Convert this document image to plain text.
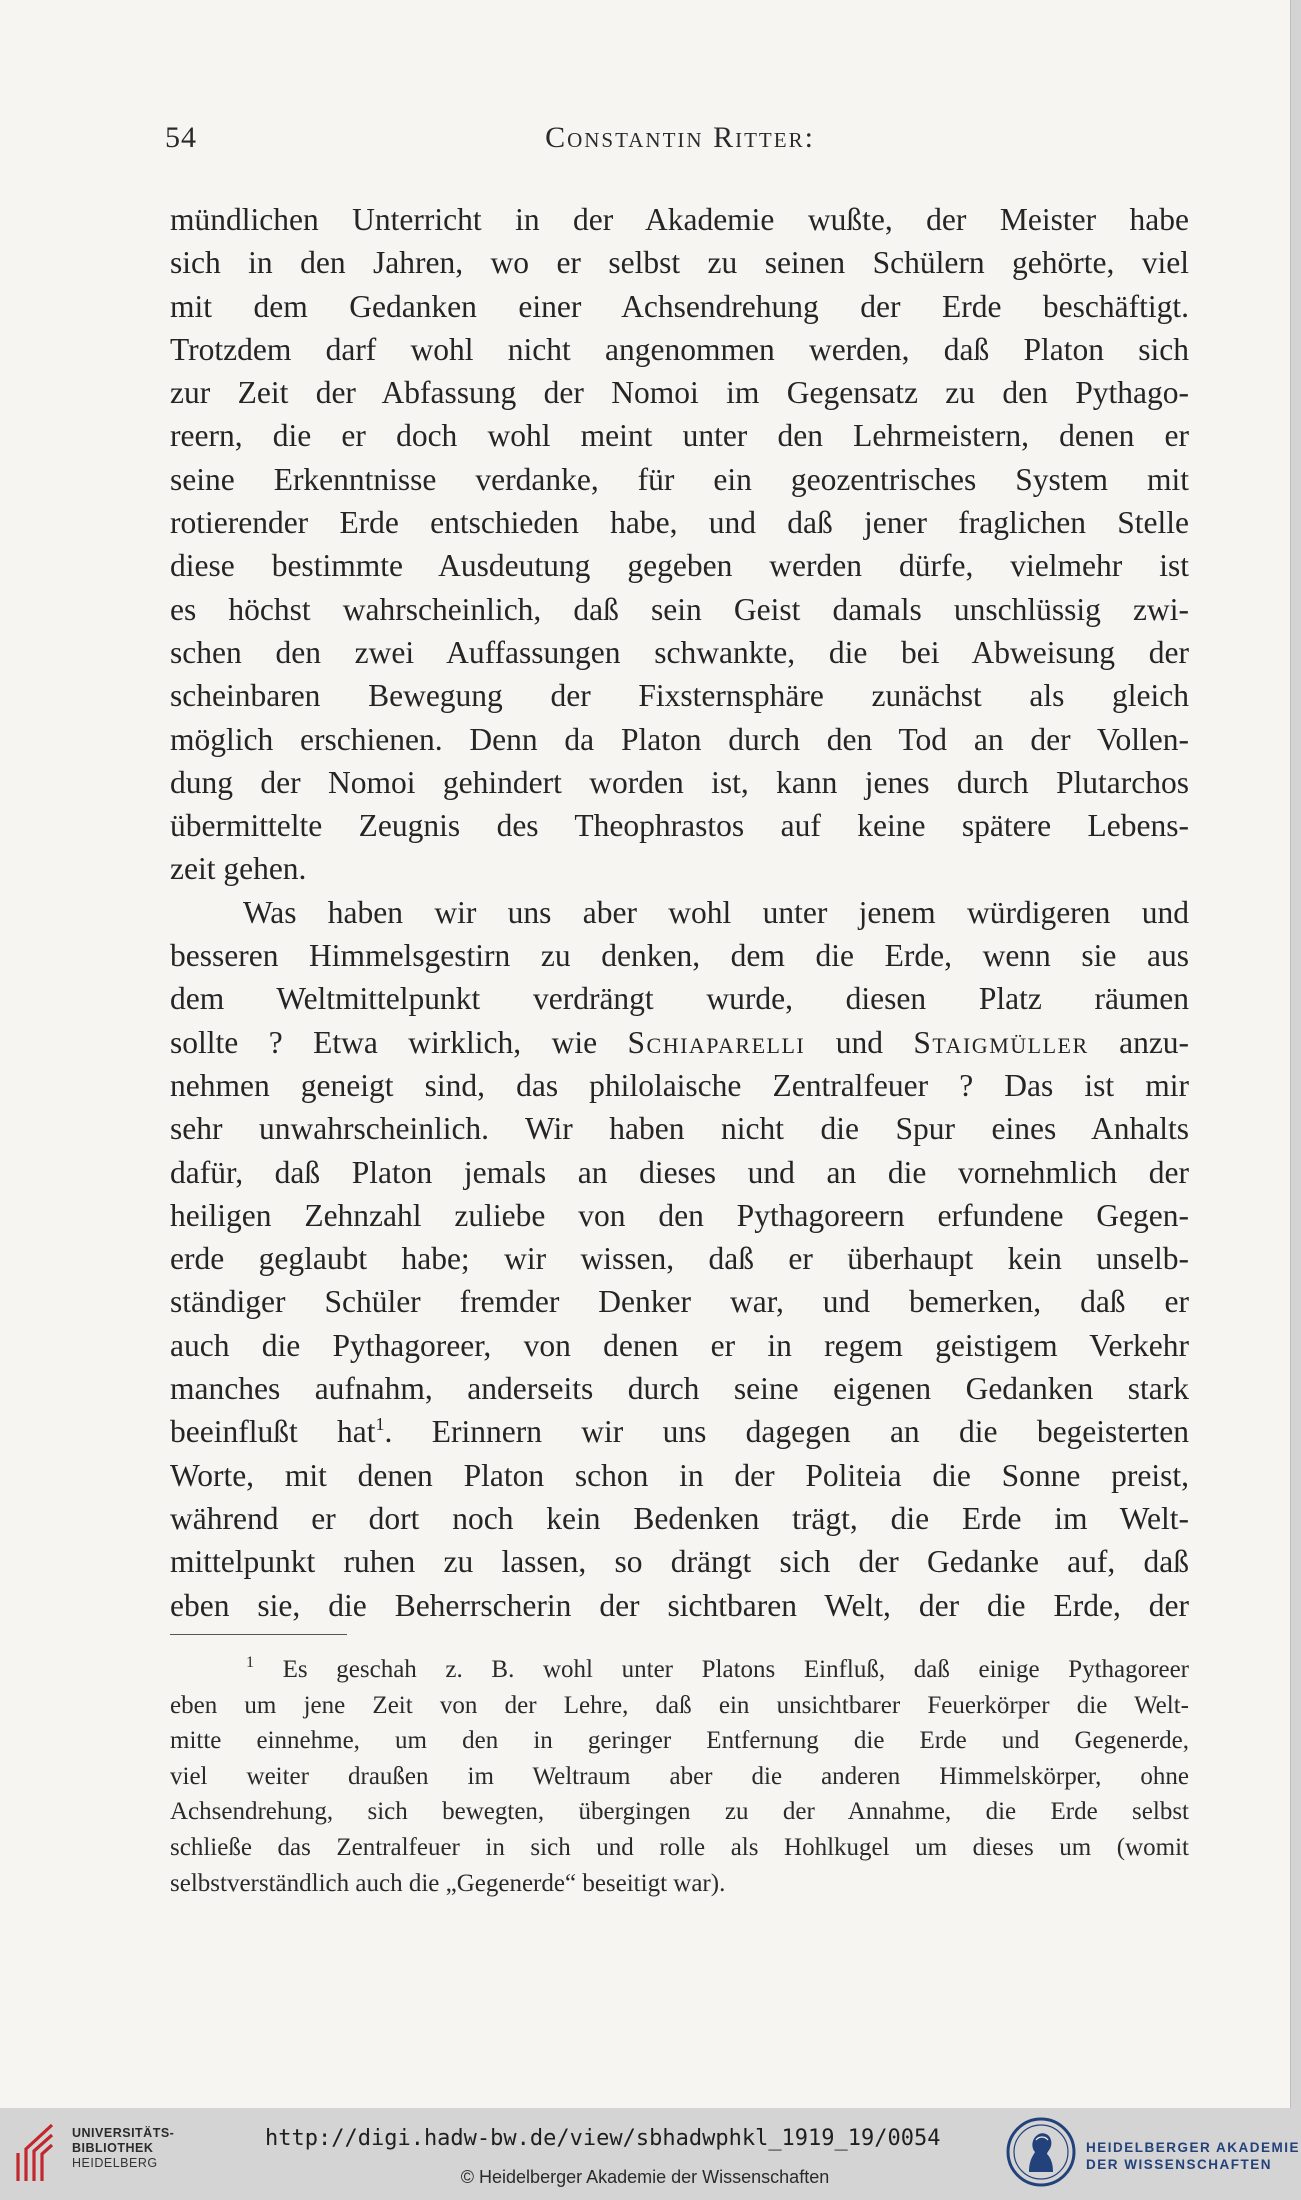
54	Constantin Ritter:
mündlichen Unterricht in der Akademie wußte, der Meister habe
sich in den Jahren, wo er selbst zu seinen Schülern gehörte, viel
mit dem Gedanken einer Achsendrehung der Erde beschäftigt.
Trotzdem darf wohl nicht angenommen werden, daß Platon sich
zur Zeit der Abfassung der Nomoi im Gegensatz zu den Pythago-
reern, die er doch wohl meint unter den Lehrmeistern, denen er
seine Erkenntnisse verdanke, für ein geozentrisches System mit
rotierender Erde entschieden habe, und daß jener fraglichen Stelle
diese bestimmte Ausdeutung gegeben werden dürfe, vielmehr ist
es höchst wahrscheinlich, daß sein Geist damals unschlüssig zwi-
schen den zwei Auffassungen schwankte, die bei Abweisung der
scheinbaren Bewegung der Fixsternsphäre zunächst als gleich
möglich erschienen. Denn da Platon durch den Tod an der Vollen-
dung der Nomoi gehindert worden ist, kann jenes durch Plutarchos
übermittelte Zeugnis des Theophrastos auf keine spätere Lebens-
zeit gehen.
Was haben wir uns aber wohl unter jenem würdigeren und
besseren Himmelsgestirn zu denken, dem die Erde, wenn sie aus
dem Weltmittelpunkt verdrängt wurde, diesen Platz räumen
sollte ? Etwa wirklich, wie Schiaparelli und Staigmüller anzu-
nehmen geneigt sind, das philolaische Zentralfeuer ? Das ist mir
sehr unwahrscheinlich. Wir haben nicht die Spur eines Anhalts
dafür, daß Platon jemals an dieses und an die vornehmlich der
heiligen Zehnzahl zuliebe von den Pythagoreern erfundene Gegen-
erde geglaubt habe; wir wissen, daß er überhaupt kein unselb-
ständiger Schüler fremder Denker war, und bemerken, daß er
auch die Pythagoreer, von denen er in regem geistigem Verkehr
manches aufnahm, anderseits durch seine eigenen Gedanken stark
beeinflußt hat$^1$. Erinnern wir uns dagegen an die begeisterten
Worte, mit denen Platon schon in der Politeia die Sonne preist,
während er dort noch kein Bedenken trägt, die Erde im Welt-
mittelpunkt ruhen zu lassen, so drängt sich der Gedanke auf, daß
eben sie, die Beherrscherin der sichtbaren Welt, der die Erde, der
$^1$ Es geschah z. B. wohl unter Platons Einfluß, daß einige Pythagoreer
eben um jene Zeit von der Lehre, daß ein unsichtbarer Feuerkörper die Welt-
mitte einnehme, um den in geringer Entfernung die Erde und Gegenerde,
viel weiter draußen im Weltraum aber die anderen Himmelskörper, ohne
Achsendrehung, sich bewegten, übergingen zu der Annahme, die Erde selbst
schließe das Zentralfeuer in sich und rolle als Hohlkugel um dieses um (womit
selbstverständlich auch die „Gegenerde“ beseitigt war).
UNIVERSITÄTS-
BIBLIOTHEK
HEIDELBERG
http://digi.hadw-bw.de/view/sbhadwphkl_1919_19/0054
© Heidelberger Akademie der Wissenschaften
HEIDELBERGER AKADEMIE
DER WISSENSCHAFTEN
